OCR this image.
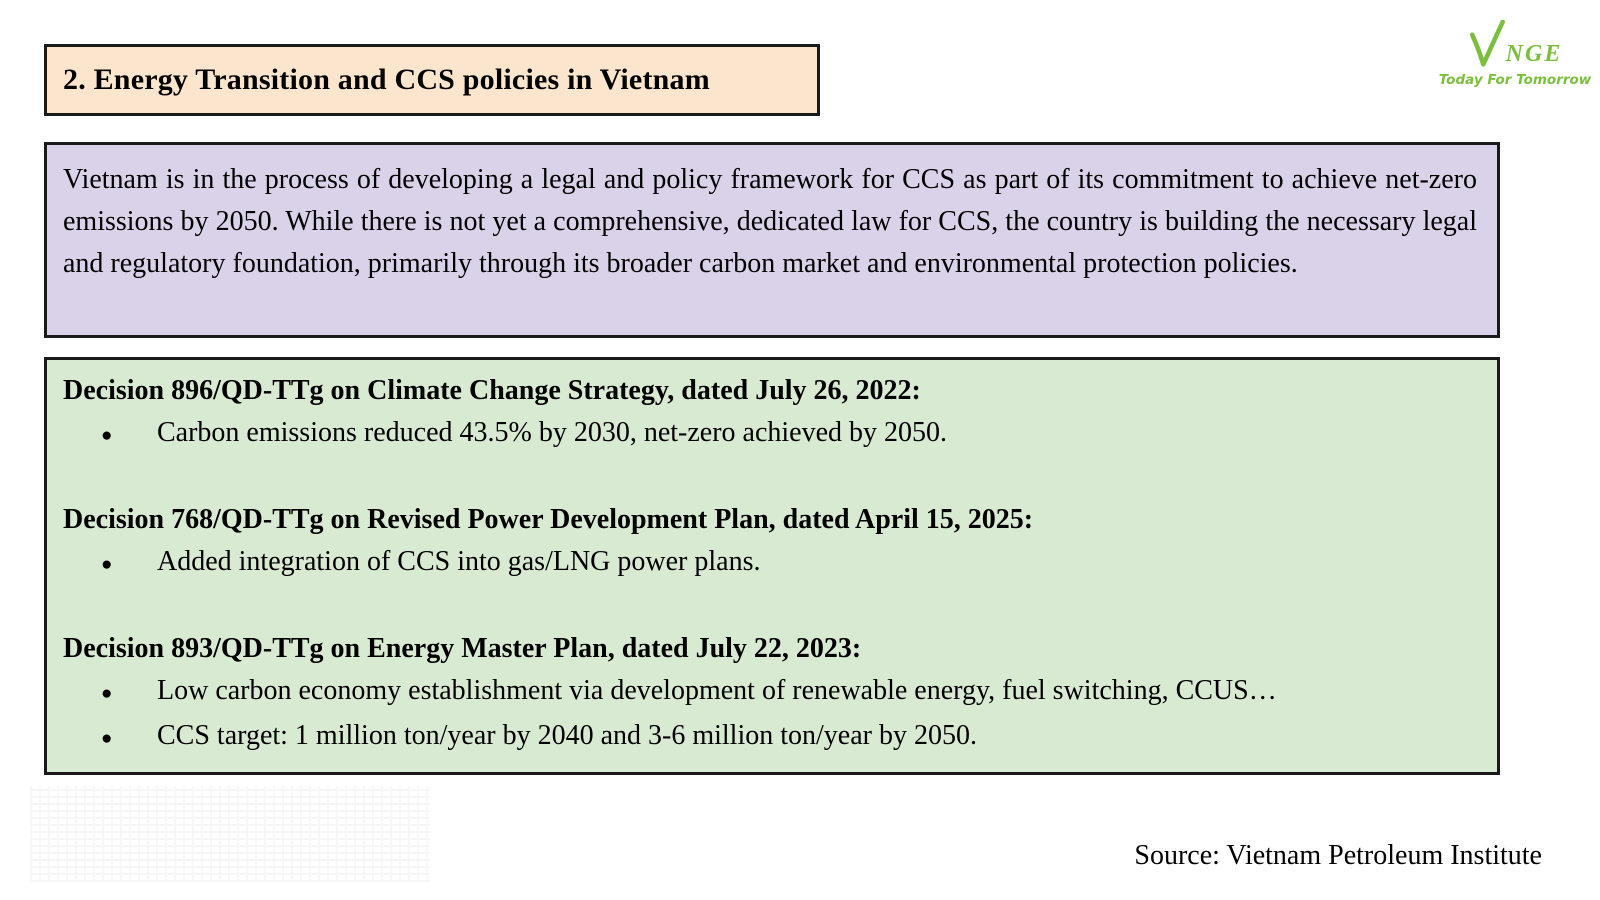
2. Energy Transition and CCS policies in Vietnam
NGE
Today For Tomorrow

Vietnam is in the process of developing a legal and policy framework for CCS as part of its commitment to achieve net-zero emissions by 2050. While there is not yet a comprehensive, dedicated law for CCS, the country is building the necessary legal and regulatory foundation, primarily through its broader carbon market and environmental protection policies.

Decision 896/QD-TTg on Climate Change Strategy, dated July 26, 2022:
●	Carbon emissions reduced 43.5% by 2030, net-zero achieved by 2050.
Decision 768/QD-TTg on Revised Power Development Plan, dated April 15, 2025:
●	Added integration of CCS into gas/LNG power plans.
Decision 893/QD-TTg on Energy Master Plan, dated July 22, 2023:
●	Low carbon economy establishment via development of renewable energy, fuel switching, CCUS…
●	CCS target: 1 million ton/year by 2040 and 3-6 million ton/year by 2050.
Source: Vietnam Petroleum Institute
